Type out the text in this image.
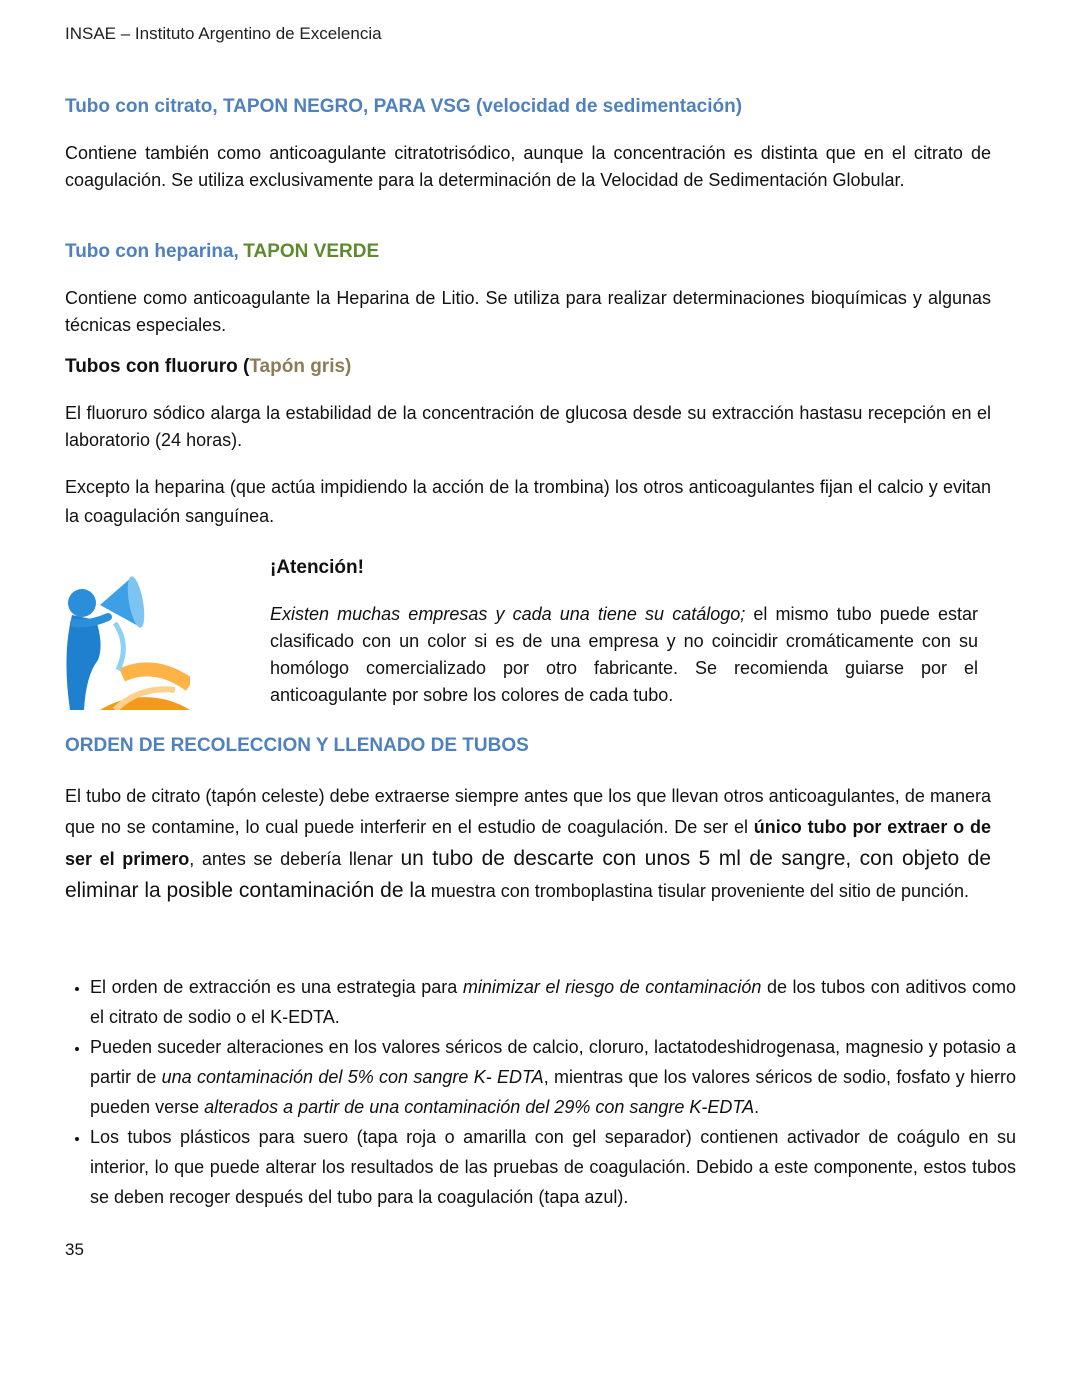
INSAE – Instituto Argentino de Excelencia
Tubo con citrato, TAPON NEGRO, PARA VSG (velocidad de sedimentación)

Contiene también como anticoagulante citratotrisódico, aunque la concentración es distinta que en el citrato de coagulación. Se utiliza exclusivamente para la determinación de la Velocidad de Sedimentación Globular.

Tubo con heparina, TAPON VERDE

Contiene como anticoagulante la Heparina de Litio. Se utiliza para realizar determinaciones bioquímicas y algunas técnicas especiales.

Tubos con fluoruro (Tapón gris)

El fluoruro sódico alarga la estabilidad de la concentración de glucosa desde su extracción hastasu recepción en el laboratorio (24 horas).

Excepto la heparina (que actúa impidiendo la acción de la trombina) los otros anticoagulantes fijan el calcio y evitan la coagulación sanguínea.

¡Atención!

Existen muchas empresas y cada una tiene su catálogo; el mismo tubo puede estar clasificado con un color si es de una empresa y no coincidir cromáticamente con su homólogo comercializado por otro fabricante. Se recomienda guiarse por el anticoagulante por sobre los colores de cada tubo.

ORDEN DE RECOLECCION Y LLENADO DE TUBOS

El tubo de citrato (tapón celeste) debe extraerse siempre antes que los que llevan otros anticoagulantes, de manera que no se contamine, lo cual puede interferir en el estudio de coagulación. De ser el único tubo por extraer o de ser el primero, antes se debería llenar un tubo de descarte con unos 5 ml de sangre, con objeto de eliminar la posible contaminación de la muestra con tromboplastina tisular proveniente del sitio de punción.

• El orden de extracción es una estrategia para minimizar el riesgo de contaminación de los tubos con aditivos como el citrato de sodio o el K-EDTA.
• Pueden suceder alteraciones en los valores séricos de calcio, cloruro, lactatodeshidrogenasa, magnesio y potasio a partir de una contaminación del 5% con sangre K- EDTA, mientras que los valores séricos de sodio, fosfato y hierro pueden verse alterados a partir de una contaminación del 29% con sangre K-EDTA.
• Los tubos plásticos para suero (tapa roja o amarilla con gel separador) contienen activador de coágulo en su interior, lo que puede alterar los resultados de las pruebas de coagulación. Debido a este componente, estos tubos se deben recoger después del tubo para la coagulación (tapa azul).
35
